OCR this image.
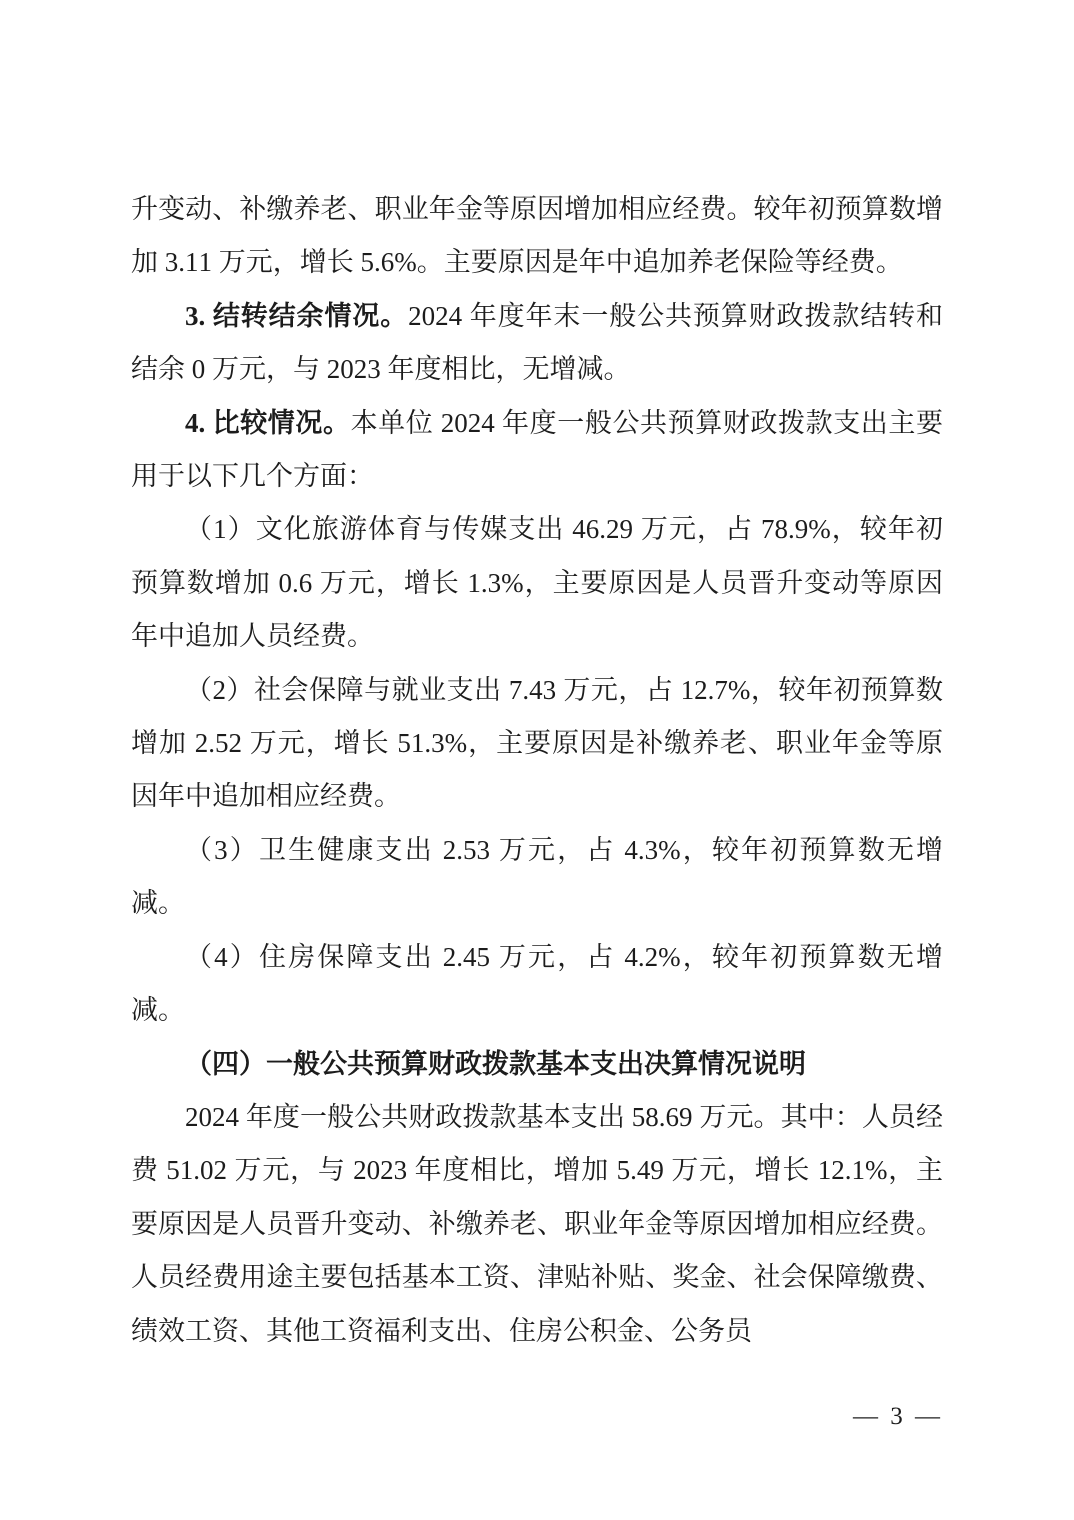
升变动、补缴养老、职业年金等原因增加相应经费。较年初预算数增加 3.11 万元，增长 5.6%。主要原因是年中追加养老保险等经费。

3. 结转结余情况。2024 年度年末一般公共预算财政拨款结转和结余 0 万元，与 2023 年度相比，无增减。

4. 比较情况。本单位 2024 年度一般公共预算财政拨款支出主要用于以下几个方面：

（1）文化旅游体育与传媒支出 46.29 万元，占 78.9%，较年初预算数增加 0.6 万元，增长 1.3%，主要原因是人员晋升变动等原因年中追加人员经费。

（2）社会保障与就业支出 7.43 万元，占 12.7%，较年初预算数增加 2.52 万元，增长 51.3%，主要原因是补缴养老、职业年金等原因年中追加相应经费。

（3）卫生健康支出 2.53 万元，占 4.3%，较年初预算数无增减。

（4）住房保障支出 2.45 万元，占 4.2%，较年初预算数无增减。

（四）一般公共预算财政拨款基本支出决算情况说明

2024 年度一般公共财政拨款基本支出 58.69 万元。其中：人员经费 51.02 万元，与 2023 年度相比，增加 5.49 万元，增长 12.1%，主要原因是人员晋升变动、补缴养老、职业年金等原因增加相应经费。人员经费用途主要包括基本工资、津贴补贴、奖金、社会保障缴费、绩效工资、其他工资福利支出、住房公积金、公务员

— 3 —
